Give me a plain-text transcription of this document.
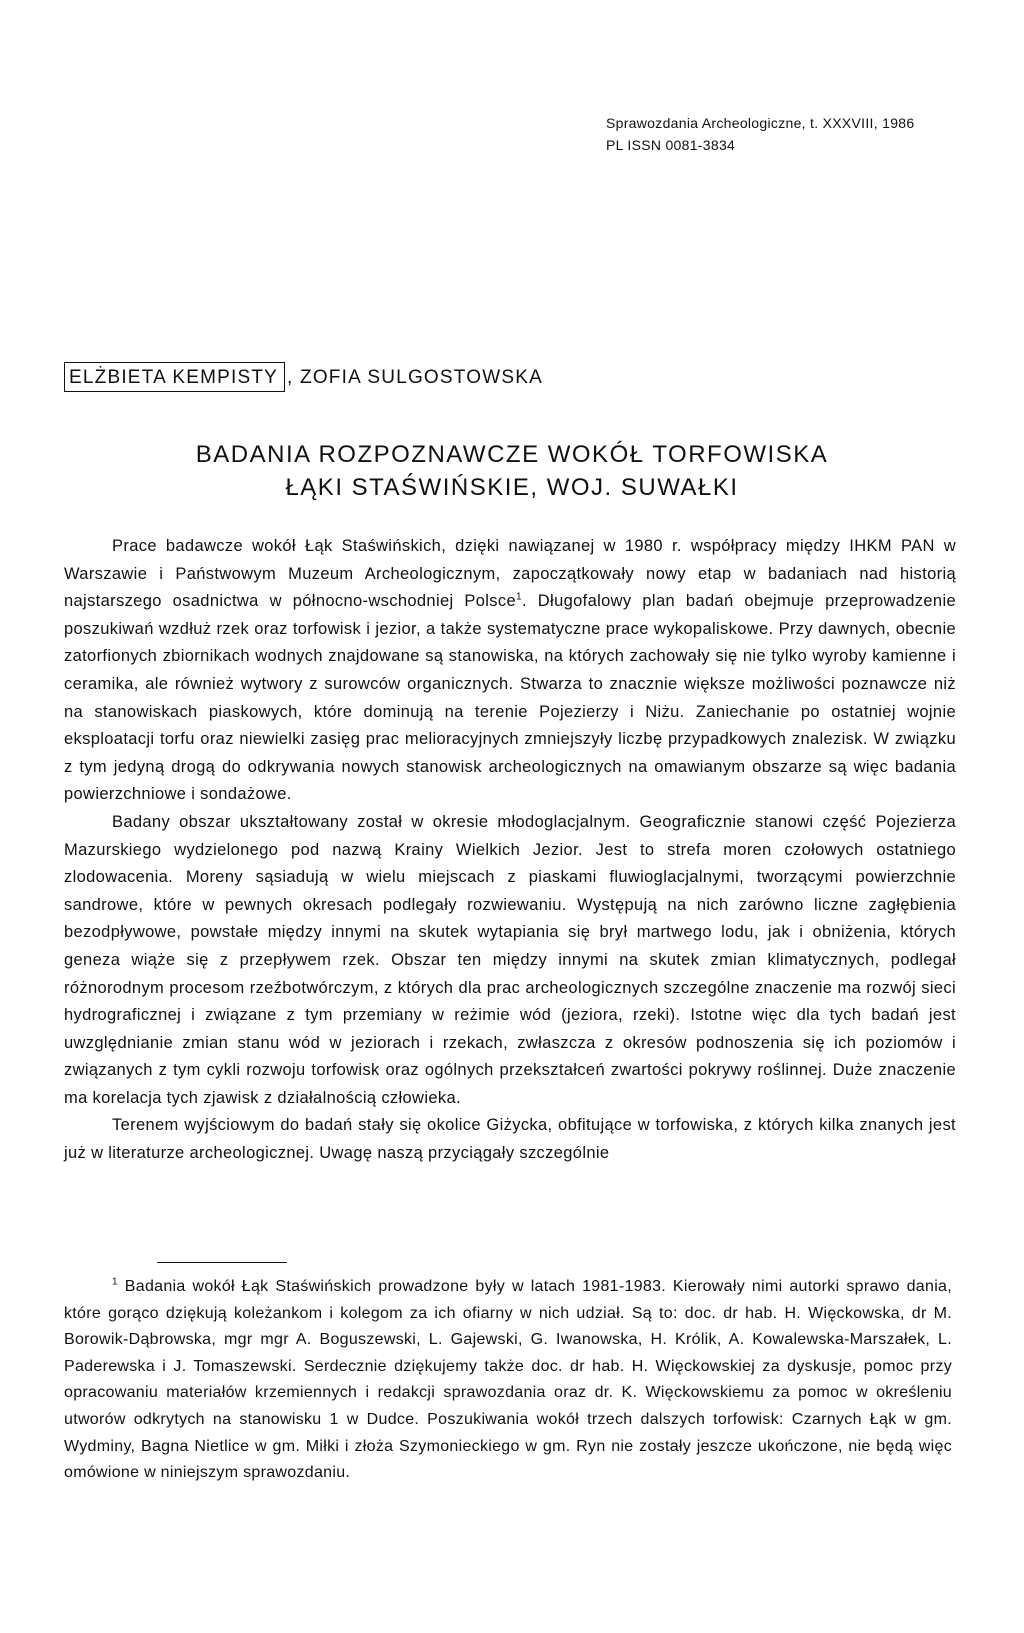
Sprawozdania Archeologiczne, t. XXXVIII, 1986
PL ISSN 0081-3834
ELŻBIETA KEMPISTY , ZOFIA SULGOSTOWSKA
BADANIA ROZPOZNAWCZE WOKÓŁ TORFOWISKA
ŁĄKI STAŚWIŃSKIE, WOJ. SUWAŁKI

Prace badawcze wokół Łąk Staświńskich, dzięki nawiązanej w 1980 r. współpracy między IHKM PAN w Warszawie i Państwowym Muzeum Archeologicznym, zapoczątkowały nowy etap w badaniach nad historią najstarszego osadnictwa w północno-wschodniej Polsce$^1$. Długofalowy plan badań obejmuje przeprowadzenie poszukiwań wzdłuż rzek oraz torfowisk i jezior, a także systematyczne prace wykopaliskowe. Przy dawnych, obecnie zatorfionych zbiornikach wodnych znajdowane są stanowiska, na których zachowały się nie tylko wyroby kamienne i ceramika, ale również wytwory z surowców organicznych. Stwarza to znacznie większe możliwości poznawcze niż na stanowiskach piaskowych, które dominują na terenie Pojezierzy i Niżu. Zaniechanie po ostatniej wojnie eksploatacji torfu oraz niewielki zasięg prac melioracyjnych zmniejszyły liczbę przypadkowych znalezisk. W związku z tym jedyną drogą do odkrywania nowych stanowisk archeologicznych na omawianym obszarze są więc badania powierzchniowe i sondażowe.

Badany obszar ukształtowany został w okresie młodoglacjalnym. Geograficznie stanowi część Pojezierza Mazurskiego wydzielonego pod nazwą Krainy Wielkich Jezior. Jest to strefa moren czołowych ostatniego zlodowacenia. Moreny sąsiadują w wielu miejscach z piaskami fluwioglacjalnymi, tworzącymi powierzchnie sandrowe, które w pewnych okresach podlegały rozwiewaniu. Występują na nich zarówno liczne zagłębienia bezodpływowe, powstałe między innymi na skutek wytapiania się brył martwego lodu, jak i obniżenia, których geneza wiąże się z przepływem rzek. Obszar ten między innymi na skutek zmian klimatycznych, podlegał różnorodnym procesom rzeźbotwórczym, z których dla prac archeologicznych szczególne znaczenie ma rozwój sieci hydrograficznej i związane z tym przemiany w reżimie wód (jeziora, rzeki). Istotne więc dla tych badań jest uwzględnianie zmian stanu wód w jeziorach i rzekach, zwłaszcza z okresów podnoszenia się ich poziomów i związanych z tym cykli rozwoju torfowisk oraz ogólnych przekształceń zwartości pokrywy roślinnej. Duże znaczenie ma korelacja tych zjawisk z działalnością człowieka.

Terenem wyjściowym do badań stały się okolice Giżycka, obfitujące w torfowiska, z których kilka znanych jest już w literaturze archeologicznej. Uwagę naszą przyciągały szczególnie

$^1$ Badania wokół Łąk Staświńskich prowadzone były w latach 1981-1983. Kierowały nimi autorki sprawo dania, które gorąco dziękują koleżankom i kolegom za ich ofiarny w nich udział. Są to: doc. dr hab. H. Więckowska, dr M. Borowik-Dąbrowska, mgr mgr A. Boguszewski, L. Gajewski, G. Iwanowska, H. Królik, A. Kowalewska-Marszałek, L. Paderewska i J. Tomaszewski. Serdecznie dziękujemy także doc. dr hab. H. Więckowskiej za dyskusje, pomoc przy opracowaniu materiałów krzemiennych i redakcji sprawozdania oraz dr. K. Więckowskiemu za pomoc w określeniu utworów odkrytych na stanowisku 1 w Dudce. Poszukiwania wokół trzech dalszych torfowisk: Czarnych Łąk w gm. Wydminy, Bagna Nietlice w gm. Miłki i złoża Szymonieckiego w gm. Ryn nie zostały jeszcze ukończone, nie będą więc omówione w niniejszym sprawozdaniu.
